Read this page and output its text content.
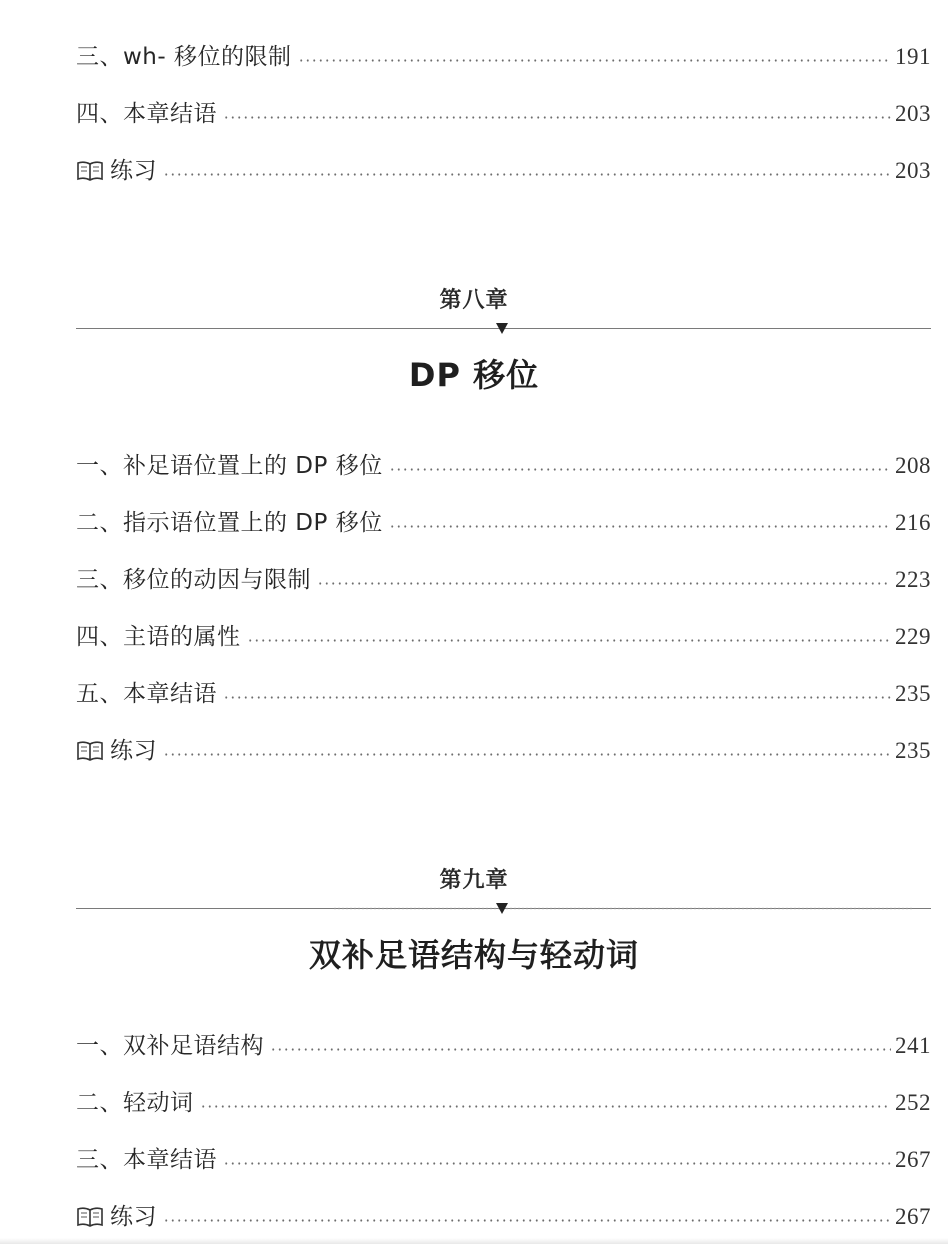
三、wh- 移位的限制	191
四、本章结语	203
练习	203
第八章
DP 移位
一、补足语位置上的 DP 移位	208
二、指示语位置上的 DP 移位	216
三、移位的动因与限制	223
四、主语的属性	229
五、本章结语	235
练习	235
第九章
双补足语结构与轻动词
一、双补足语结构	241
二、轻动词	252
三、本章结语	267
练习	267
